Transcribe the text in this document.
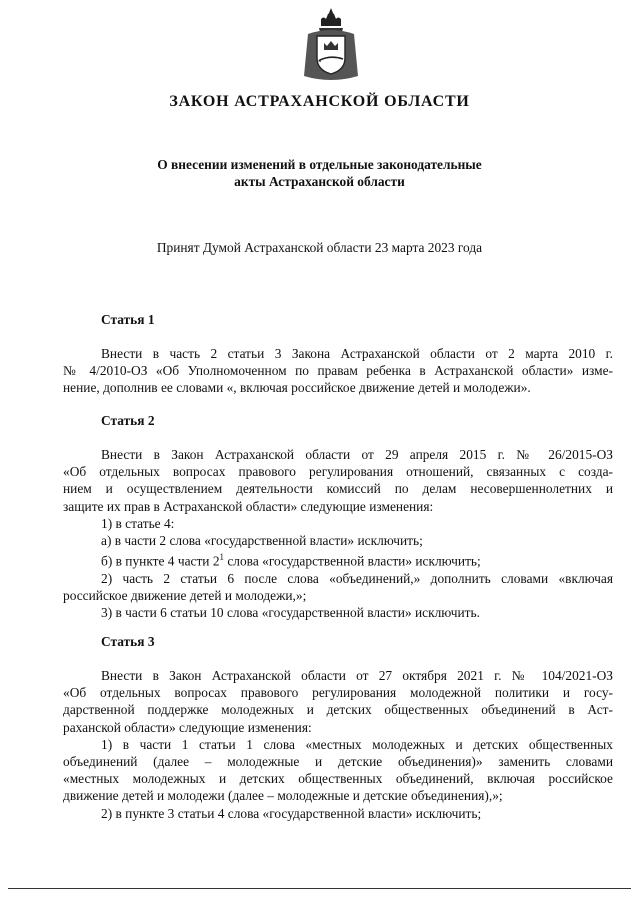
ЗАКОН АСТРАХАНСКОЙ ОБЛАСТИ
О внесении изменений в отдельные законодательные
акты Астраханской области
Принят Думой Астраханской области 23 марта 2023 года
Статья 1

Внести в часть 2 статьи 3 Закона Астраханской области от 2 марта 2010 г.

№ 4/2010-ОЗ «Об Уполномоченном по правам ребенка в Астраханской области» изме-

нение, дополнив ее словами «, включая российское движение детей и молодежи».

Статья 2

Внести в Закон Астраханской области от 29 апреля 2015 г. № 26/2015-ОЗ

«Об отдельных вопросах правового регулирования отношений, связанных с созда-

нием и осуществлением деятельности комиссий по делам несовершеннолетних и

защите их прав в Астраханской области» следующие изменения:

1) в статье 4:

а) в части 2 слова «государственной власти» исключить;

б) в пункте 4 части $2^1$ слова «государственной власти» исключить;

2) часть 2 статьи 6 после слова «объединений,» дополнить словами «включая

российское движение детей и молодежи,»;

3) в части 6 статьи 10 слова «государственной власти» исключить.

Статья 3

Внести в Закон Астраханской области от 27 октября 2021 г. № 104/2021-ОЗ

«Об отдельных вопросах правового регулирования молодежной политики и госу-

дарственной поддержке молодежных и детских общественных объединений в Аст-

раханской области» следующие изменения:

1) в части 1 статьи 1 слова «местных молодежных и детских общественных

объединений (далее – молодежные и детские объединения)» заменить словами

«местных молодежных и детских общественных объединений, включая российское

движение детей и молодежи (далее – молодежные и детские объединения),»;

2) в пункте 3 статьи 4 слова «государственной власти» исключить;
